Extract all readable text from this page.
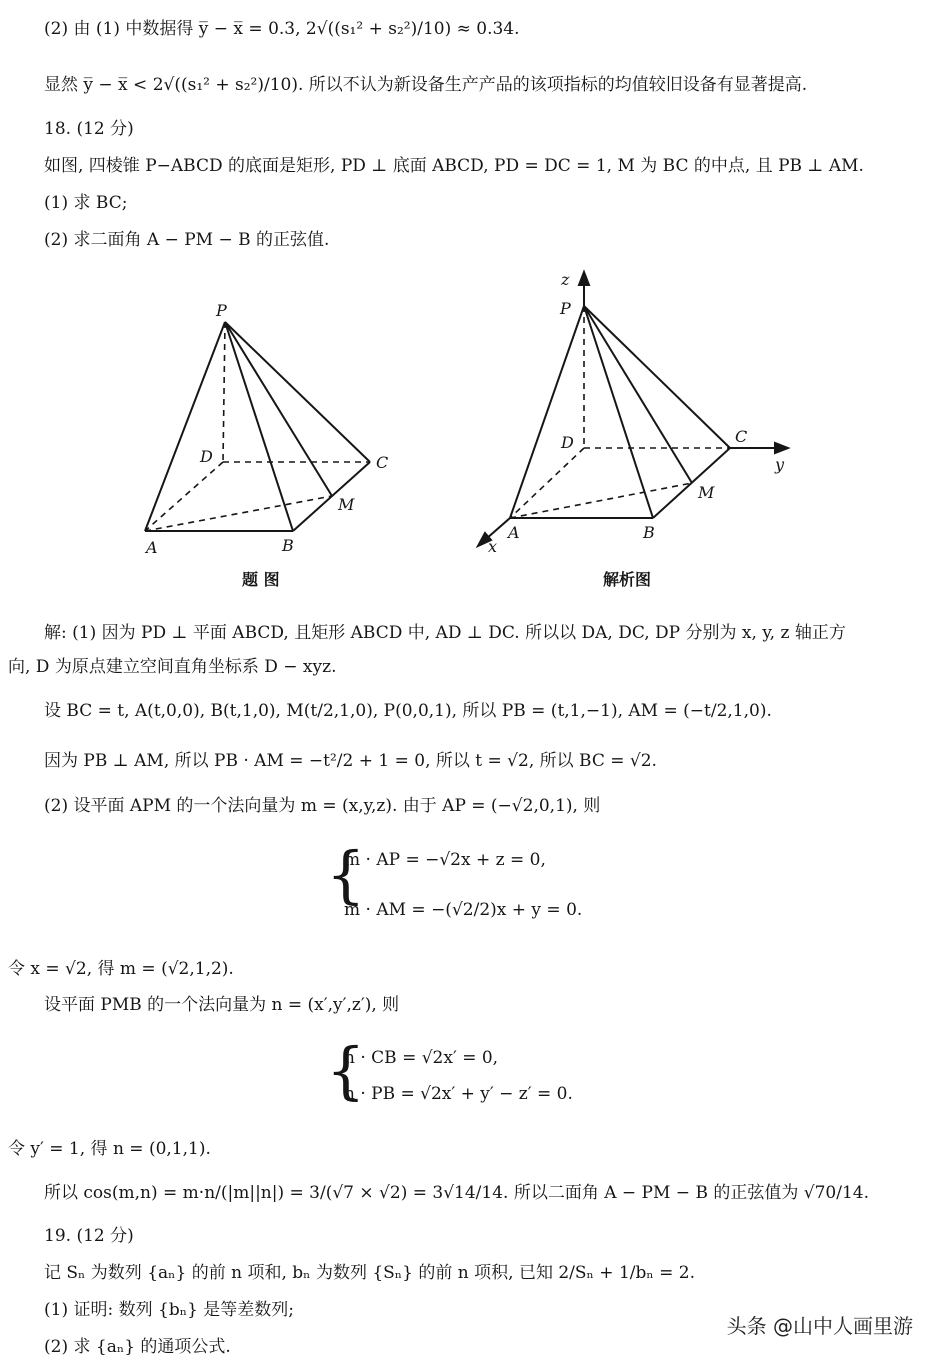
(2) 由 (1) 中数据得 y̅ − x̅ = 0.3, 2√((s₁² + s₂²)/10) ≈ 0.34.
显然 y̅ − x̅ < 2√((s₁² + s₂²)/10). 所以不认为新设备生产产品的该项指标的均值较旧设备有显著提高.
18. (12 分)
如图, 四棱锥 P−ABCD 的底面是矩形, PD ⊥ 底面 ABCD, PD = DC = 1, M 为 BC 的中点, 且 PB ⊥ AM.
(1) 求 BC;
(2) 求二面角 A − PM − B 的正弦值.
P
D	C
M
A	B
z
P
D	C
y
M
A
x
B
题 图	解析图
解: (1) 因为 PD ⊥ 平面 ABCD, 且矩形 ABCD 中, AD ⊥ DC. 所以以 DA, DC, DP 分别为 x, y, z 轴正方
向, D 为原点建立空间直角坐标系 D − xyz.
设 BC = t, A(t,0,0), B(t,1,0), M(t/2,1,0), P(0,0,1), 所以 PB = (t,1,−1), AM = (−t/2,1,0).
因为 PB ⊥ AM, 所以 PB · AM = −t²/2 + 1 = 0, 所以 t = √2, 所以 BC = √2.
(2) 设平面 APM 的一个法向量为 m = (x,y,z). 由于 AP = (−√2,0,1), 则
{
m · AP = −√2x + z = 0,
m · AM = −(√2/2)x + y = 0.
令 x = √2, 得 m = (√2,1,2).
设平面 PMB 的一个法向量为 n = (x′,y′,z′), 则
{
n · CB = √2x′ = 0,
n · PB = √2x′ + y′ − z′ = 0.
令 y′ = 1, 得 n = (0,1,1).
所以 cos(m,n) = m·n/(|m||n|) = 3/(√7 × √2) = 3√14/14. 所以二面角 A − PM − B 的正弦值为 √70/14.
19. (12 分)
记 Sₙ 为数列 {aₙ} 的前 n 项和, bₙ 为数列 {Sₙ} 的前 n 项积, 已知 2/Sₙ + 1/bₙ = 2.
(1) 证明: 数列 {bₙ} 是等差数列;
(2) 求 {aₙ} 的通项公式.
头条 @山中人画里游
